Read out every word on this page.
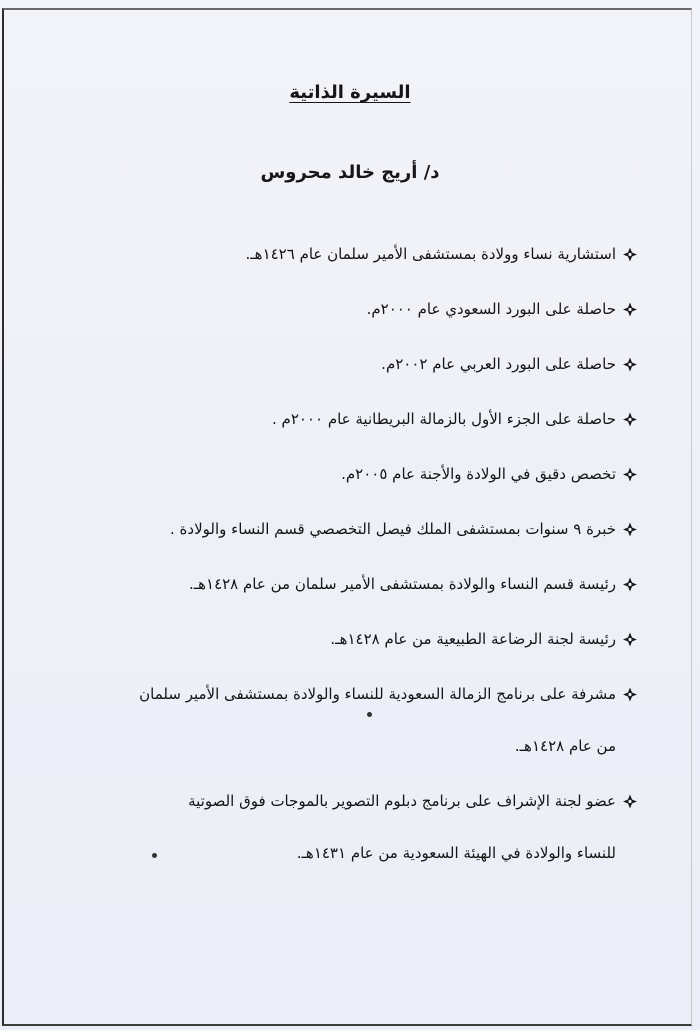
السيرة الذاتية
د/ أريج خالد محروس
استشارية نساء وولادة بمستشفى الأمير سلمان عام ١٤٢٦هـ.
حاصلة على البورد السعودي عام ٢٠٠٠م.
حاصلة على البورد العربي عام ٢٠٠٢م.
حاصلة على الجزء الأول بالزمالة البريطانية عام ٢٠٠٠م .
تخصص دقيق في الولادة والأجنة عام ٢٠٠٥م.
خبرة ٩ سنوات بمستشفى الملك فيصل التخصصي قسم النساء والولادة .
رئيسة قسم النساء والولادة بمستشفى الأمير سلمان من عام ١٤٢٨هـ.
رئيسة لجنة الرضاعة الطبيعية من عام ١٤٢٨هـ.
مشرفة على برنامج الزمالة السعودية للنساء والولادة بمستشفى الأمير سلمان
من عام ١٤٢٨هـ.
عضو لجنة الإشراف على برنامج دبلوم التصوير بالموجات فوق الصوتية
للنساء والولادة في الهيئة السعودية من عام ١٤٣١هـ.
